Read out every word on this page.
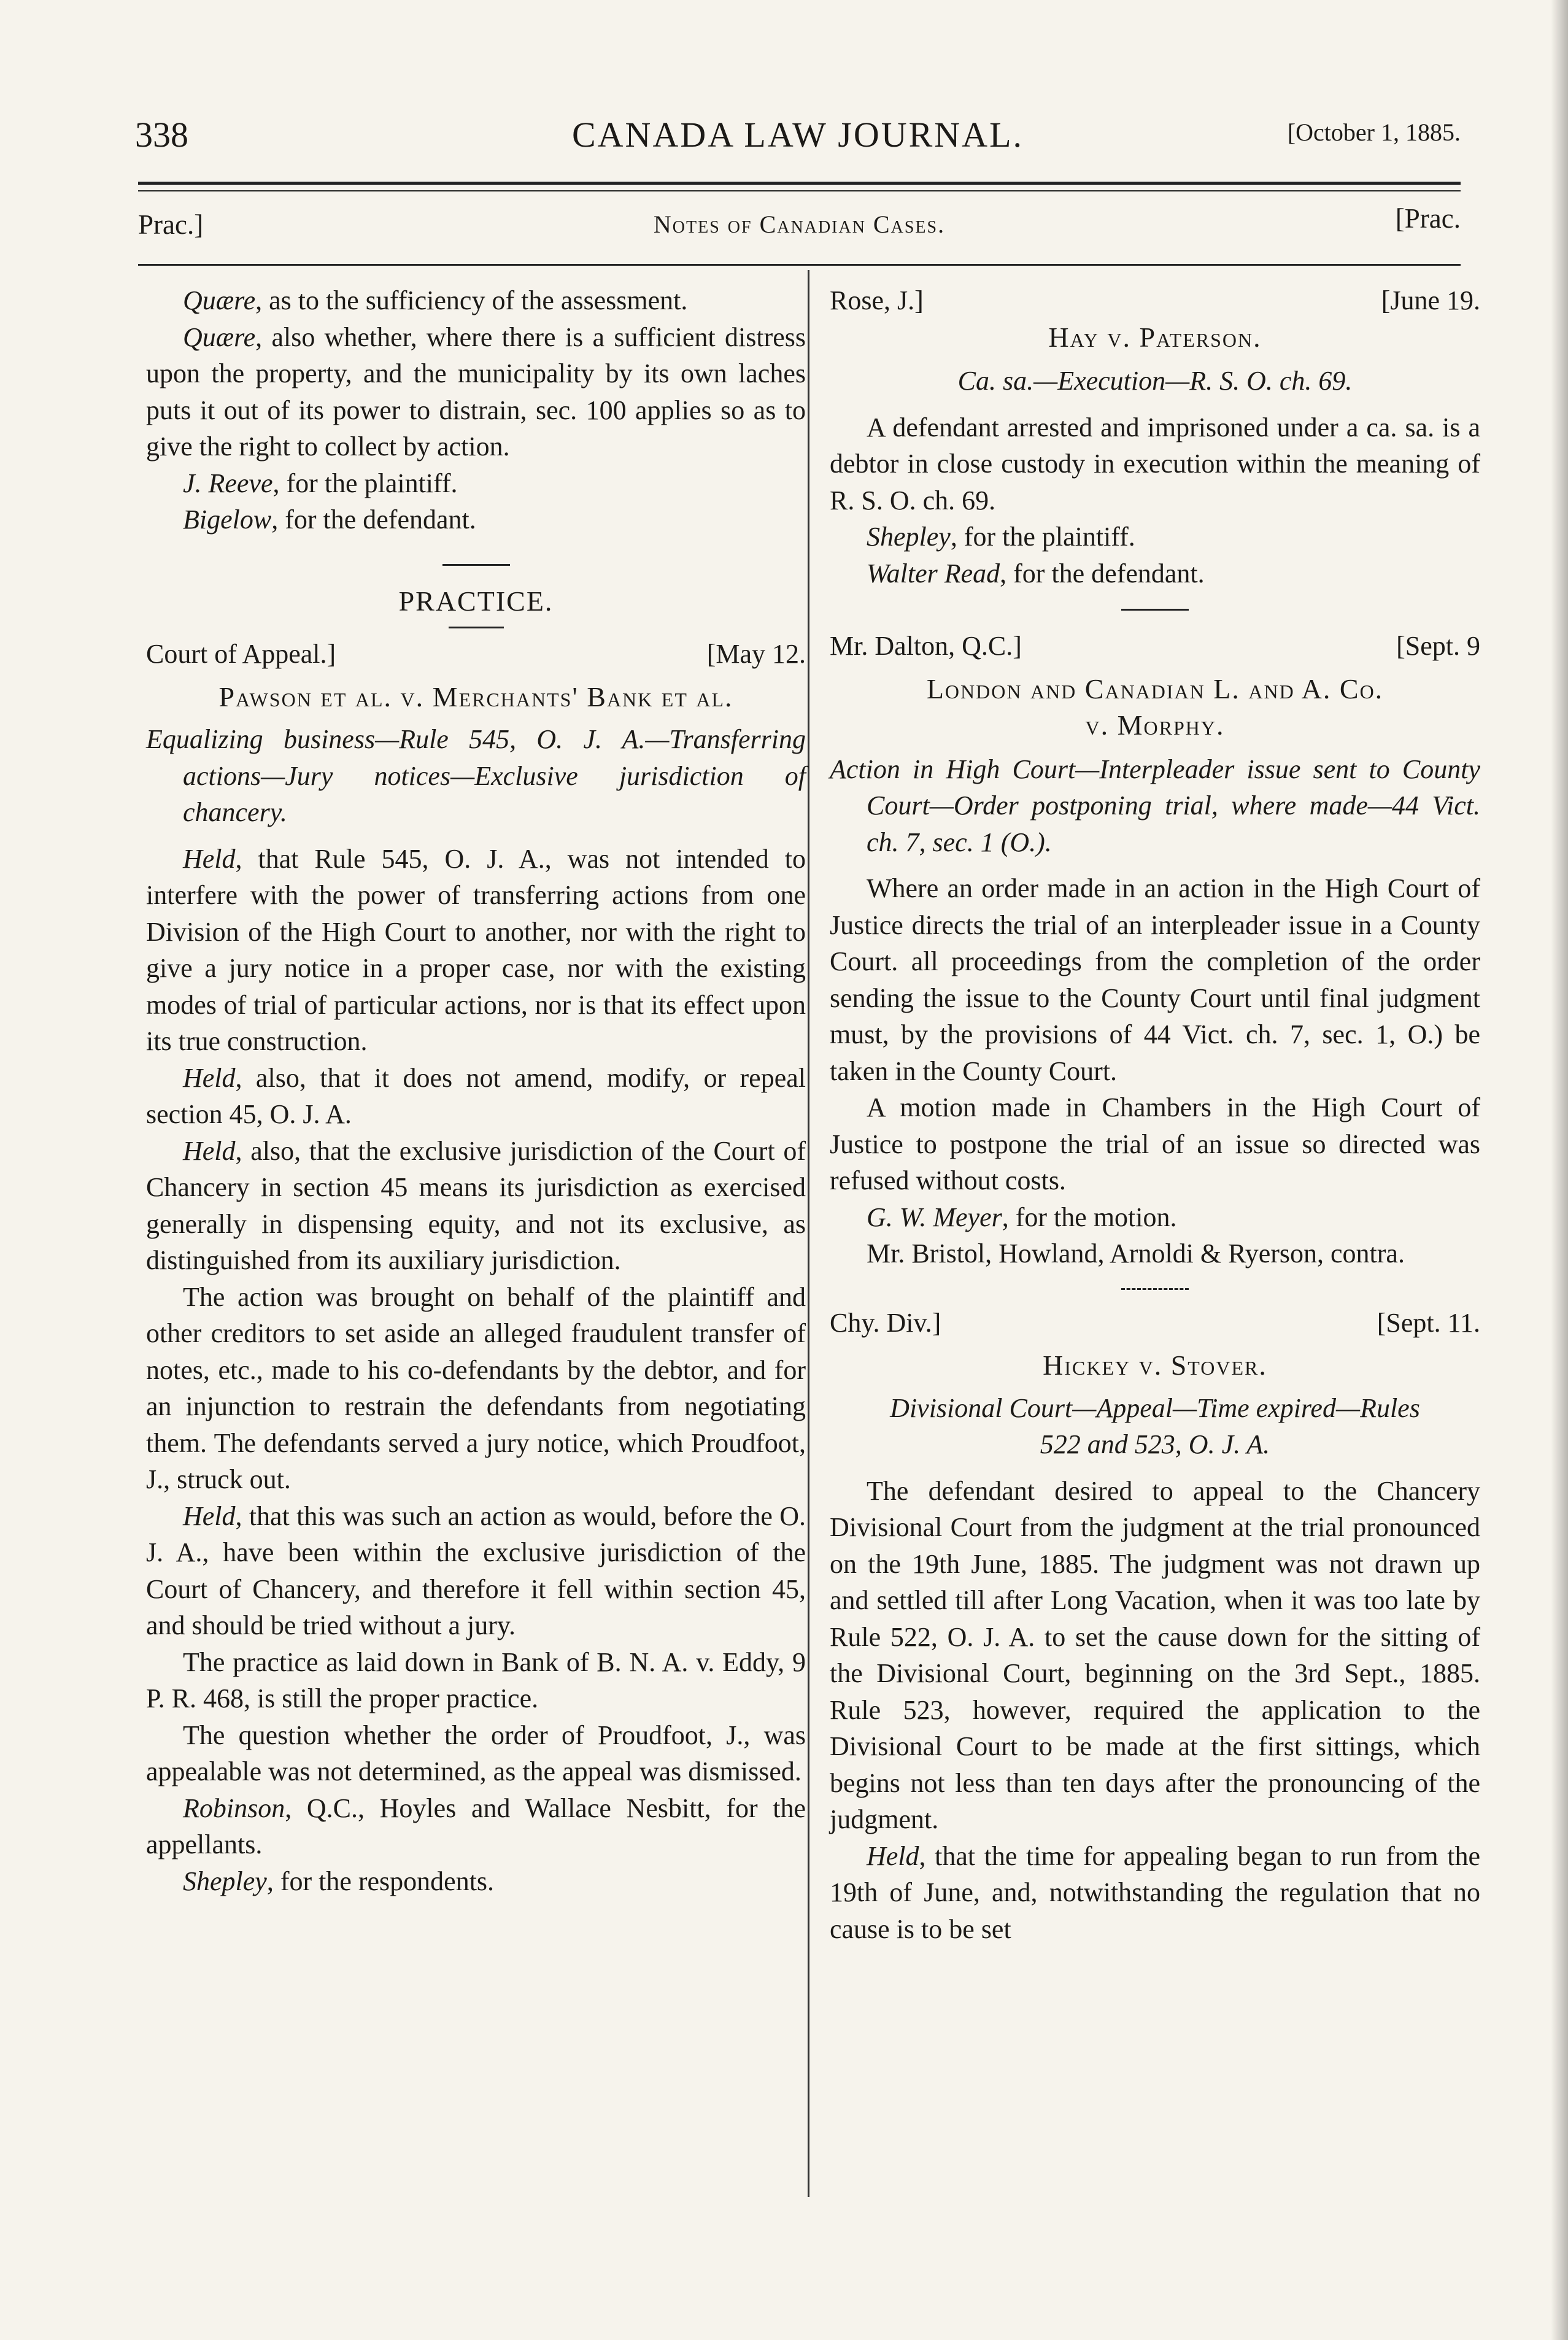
338	CANADA LAW JOURNAL.	[October 1, 1885.
Prac.]	Notes of Canadian Cases.	[Prac.

Quære, as to the sufficiency of the assessment.

Quære, also whether, where there is a sufficient distress upon the property, and the municipality by its own laches puts it out of its power to distrain, sec. 100 applies so as to give the right to collect by action.

J. Reeve, for the plaintiff.

Bigelow, for the defendant.

PRACTICE.
Court of Appeal.]	[May 12.
Pawson et al. v. Merchants' Bank et al.

Equalizing business—Rule 545, O. J. A.—Transferring actions—Jury notices—Exclusive jurisdiction of chancery.

Held, that Rule 545, O. J. A., was not intended to interfere with the power of transferring actions from one Division of the High Court to another, nor with the right to give a jury notice in a proper case, nor with the existing modes of trial of particular actions, nor is that its effect upon its true construction.

Held, also, that it does not amend, modify, or repeal section 45, O. J. A.

Held, also, that the exclusive jurisdiction of the Court of Chancery in section 45 means its jurisdiction as exercised generally in dispensing equity, and not its exclusive, as distinguished from its auxiliary jurisdiction.

The action was brought on behalf of the plaintiff and other creditors to set aside an alleged fraudulent transfer of notes, etc., made to his co-defendants by the debtor, and for an injunction to restrain the defendants from negotiating them. The defendants served a jury notice, which Proudfoot, J., struck out.

Held, that this was such an action as would, before the O. J. A., have been within the exclusive jurisdiction of the Court of Chancery, and therefore it fell within section 45, and should be tried without a jury.

The practice as laid down in Bank of B. N. A. v. Eddy, 9 P. R. 468, is still the proper practice.

The question whether the order of Proudfoot, J., was appealable was not determined, as the appeal was dismissed.

Robinson, Q.C., Hoyles and Wallace Nesbitt, for the appellants.

Shepley, for the respondents.

Rose, J.]	[June 19.
Hay v. Paterson.

Ca. sa.—Execution—R. S. O. ch. 69.

A defendant arrested and imprisoned under a ca. sa. is a debtor in close custody in execution within the meaning of R. S. O. ch. 69.

Shepley, for the plaintiff.

Walter Read, for the defendant.

Mr. Dalton, Q.C.]	[Sept. 9
London and Canadian L. and A. Co.
v. Morphy.

Action in High Court—Interpleader issue sent to County Court—Order postponing trial, where made—44 Vict. ch. 7, sec. 1 (O.).

Where an order made in an action in the High Court of Justice directs the trial of an interpleader issue in a County Court. all proceedings from the completion of the order sending the issue to the County Court until final judgment must, by the provisions of 44 Vict. ch. 7, sec. 1, O.) be taken in the County Court.

A motion made in Chambers in the High Court of Justice to postpone the trial of an issue so directed was refused without costs.

G. W. Meyer, for the motion.

Mr. Bristol, Howland, Arnoldi & Ryerson, contra.

Chy. Div.]	[Sept. 11.
Hickey v. Stover.

Divisional Court—Appeal—Time expired—Rules

522 and 523, O. J. A.

The defendant desired to appeal to the Chancery Divisional Court from the judgment at the trial pronounced on the 19th June, 1885. The judgment was not drawn up and settled till after Long Vacation, when it was too late by Rule 522, O. J. A. to set the cause down for the sitting of the Divisional Court, beginning on the 3rd Sept., 1885. Rule 523, however, required the application to the Divisional Court to be made at the first sittings, which begins not less than ten days after the pronouncing of the judgment.

Held, that the time for appealing began to run from the 19th of June, and, notwithstanding the regulation that no cause is to be set
